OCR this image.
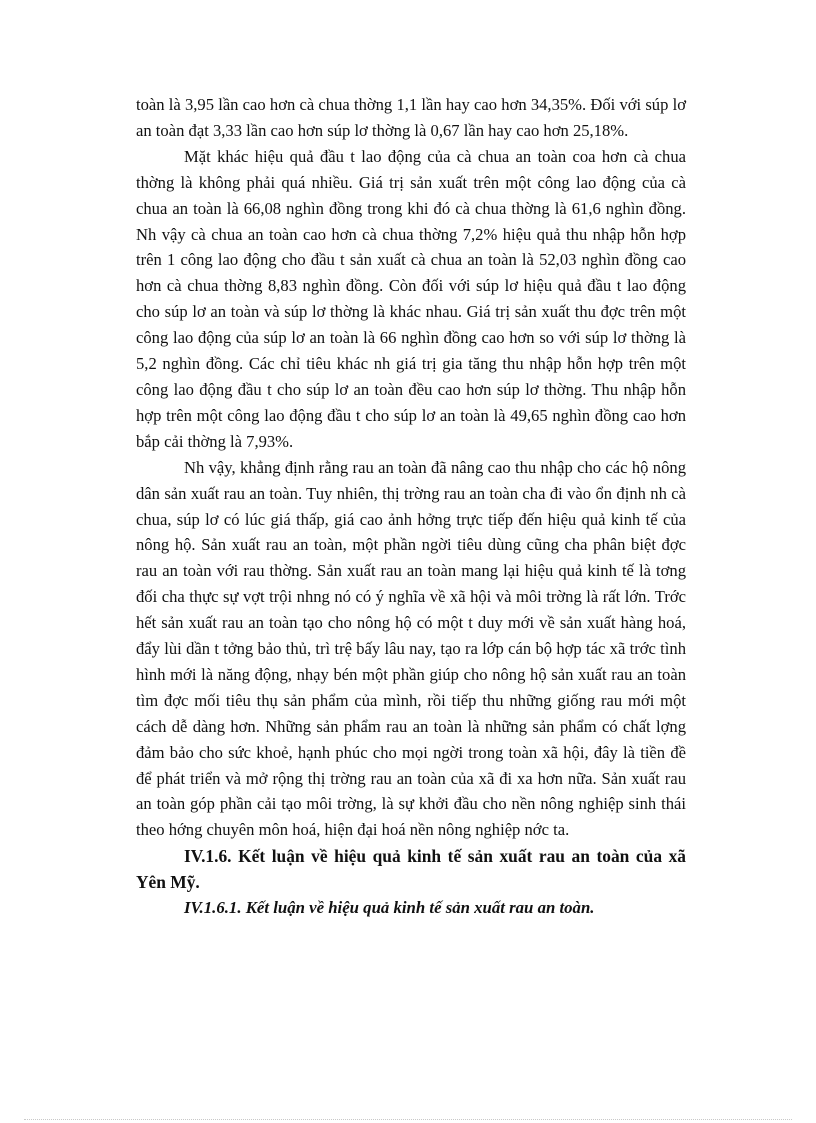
toàn là 3,95 lần cao hơn cà chua thờng 1,1 lần hay cao hơn 34,35%. Đối với súp lơ an toàn đạt 3,33 lần cao hơn súp lơ thờng là 0,67 lần hay cao hơn 25,18%.

Mặt khác hiệu quả đầu t lao động của cà chua an toàn coa hơn cà chua thờng là không phải quá nhiều. Giá trị sản xuất trên một công lao động của cà chua an toàn là 66,08 nghìn đồng trong khi đó cà chua thờng là 61,6 nghìn đồng. Nh vậy cà chua an toàn cao hơn cà chua thờng 7,2% hiệu quả thu nhập hỗn hợp trên 1 công lao động cho đầu t sản xuất cà chua an toàn là 52,03 nghìn đồng cao hơn cà chua thờng 8,83 nghìn đồng. Còn đối với súp lơ hiệu quả đầu t lao động cho súp lơ an toàn và súp lơ thờng là khác nhau. Giá trị sản xuất thu đợc trên một công lao động của súp lơ an toàn là 66 nghìn đồng cao hơn so với súp lơ thờng là 5,2 nghìn đồng. Các chỉ tiêu khác nh giá trị gia tăng thu nhập hỗn hợp trên một công lao động đầu t cho súp lơ an toàn đều cao hơn súp lơ thờng. Thu nhập hỗn hợp trên một công lao động đầu t cho súp lơ an toàn là 49,65 nghìn đồng cao hơn bắp cải thờng là 7,93%.

Nh vậy, khẳng định rằng rau an toàn đã nâng cao thu nhập cho các hộ nông dân sản xuất rau an toàn. Tuy nhiên, thị trờng rau an toàn cha đi vào ổn định nh cà chua, súp lơ có lúc giá thấp, giá cao ảnh hởng trực tiếp đến hiệu quả kinh tế của nông hộ. Sản xuất rau an toàn, một phần ngời tiêu dùng cũng cha phân biệt đợc rau an toàn với rau thờng. Sản xuất rau an toàn mang lại hiệu quả kinh tế là tơng đối cha thực sự vợt trội nhng nó có ý nghĩa về xã hội và môi trờng là rất lớn. Trớc hết sản xuất rau an toàn tạo cho nông hộ có một t duy mới về sản xuất hàng hoá, đẩy lùi dần t tởng bảo thủ, trì trệ bấy lâu nay, tạo ra lớp cán bộ hợp tác xã trớc tình hình mới là năng động, nhạy bén một phần giúp cho nông hộ sản xuất rau an toàn tìm đợc mối tiêu thụ sản phẩm của mình, rồi tiếp thu những giống rau mới một cách dễ dàng hơn. Những sản phẩm rau an toàn là những sản phẩm có chất lợng đảm bảo cho sức khoẻ, hạnh phúc cho mọi ngời trong toàn xã hội, đây là tiền đề để phát triển và mở rộng thị trờng rau an toàn của xã đi xa hơn nữa. Sản xuất rau an toàn góp phần cải tạo môi trờng, là sự khởi đầu cho nền nông nghiệp sinh thái theo hớng chuyên môn hoá, hiện đại hoá nền nông nghiệp nớc ta.

IV.1.6. Kết luận về hiệu quả kinh tế sản xuất rau an toàn của xã Yên Mỹ.
IV.1.6.1. Kết luận về hiệu quả kinh tế sản xuất rau an toàn.
